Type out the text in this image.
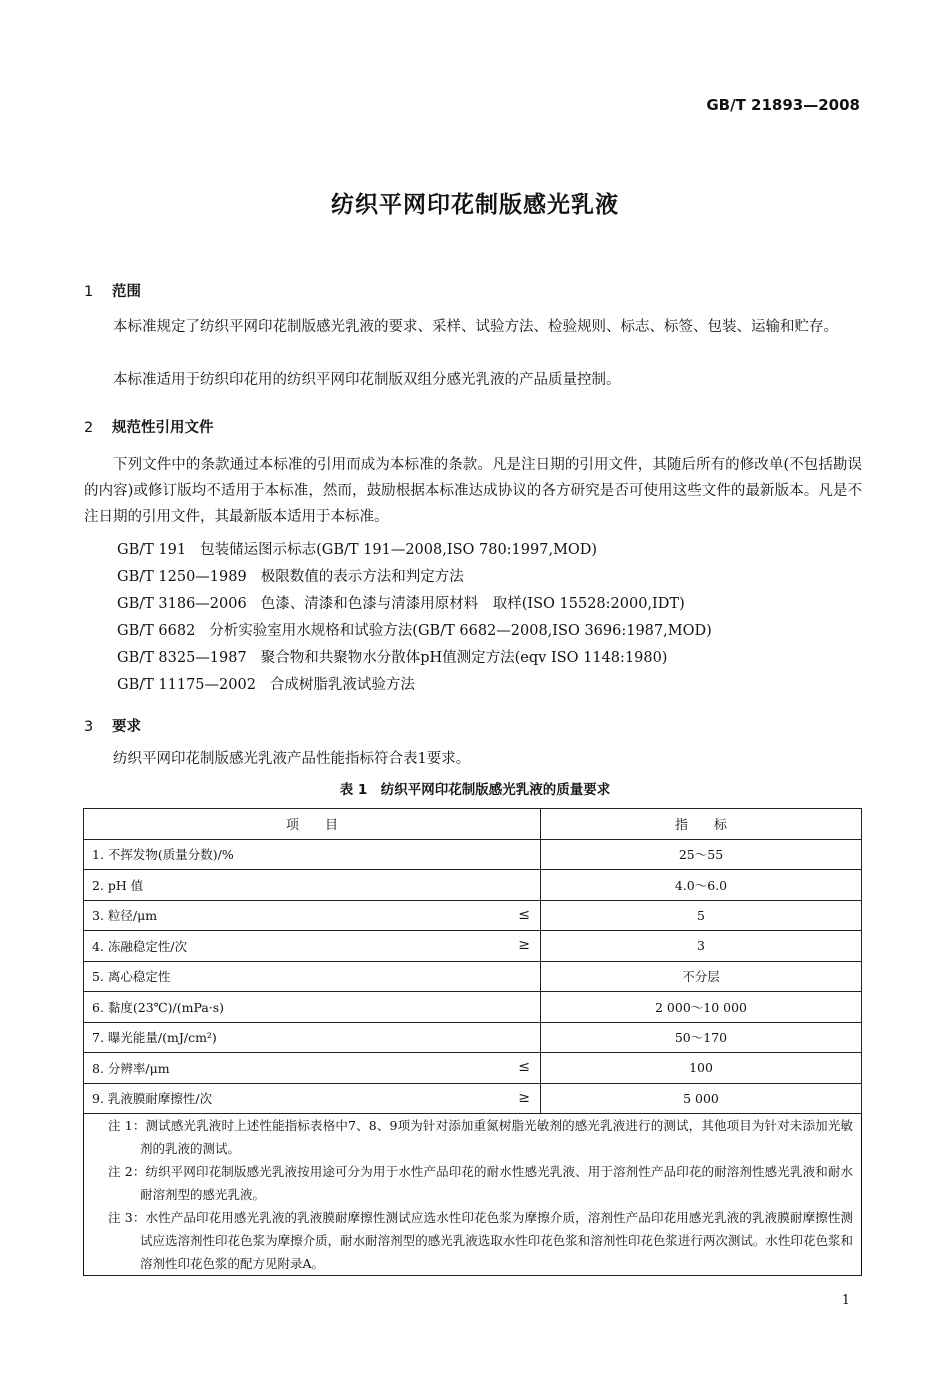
GB/T 21893—2008
纺织平网印花制版感光乳液
1 范围
本标准规定了纺织平网印花制版感光乳液的要求、采样、试验方法、检验规则、标志、标签、包装、运输和贮存。
本标准适用于纺织印花用的纺织平网印花制版双组分感光乳液的产品质量控制。
2 规范性引用文件
下列文件中的条款通过本标准的引用而成为本标准的条款。凡是注日期的引用文件，其随后所有的修改单(不包括勘误的内容)或修订版均不适用于本标准，然而，鼓励根据本标准达成协议的各方研究是否可使用这些文件的最新版本。凡是不注日期的引用文件，其最新版本适用于本标准。
GB/T 191 包装储运图示标志(GB/T 191—2008,ISO 780:1997,MOD)
GB/T 1250—1989 极限数值的表示方法和判定方法
GB/T 3186—2006 色漆、清漆和色漆与清漆用原材料　取样(ISO 15528:2000,IDT)
GB/T 6682 分析实验室用水规格和试验方法(GB/T 6682—2008,ISO 3696:1987,MOD)
GB/T 8325—1987 聚合物和共聚物水分散体pH值测定方法(eqv ISO 1148:1980)
GB/T 11175—2002 合成树脂乳液试验方法
3 要求
纺织平网印花制版感光乳液产品性能指标符合表1要求。
表 1　纺织平网印花制版感光乳液的质量要求
项　　目	指　　标
1. 不挥发物(质量分数)/%	25～55
2. pH 值	4.0～6.0
3. 粒径/μm ≤	5
4. 冻融稳定性/次 ≥	3
5. 离心稳定性	不分层
6. 黏度(23℃)/(mPa·s)	2 000～10 000
7. 曝光能量/(mJ/cm²)	50～170
8. 分辨率/μm ≤	100
9. 乳液膜耐摩擦性/次 ≥	5 000

注 1：测试感光乳液时上述性能指标表格中7、8、9项为针对添加重氮树脂光敏剂的感光乳液进行的测试，其他项目为针对未添加光敏剂的乳液的测试。

注 2：纺织平网印花制版感光乳液按用途可分为用于水性产品印花的耐水性感光乳液、用于溶剂性产品印花的耐溶剂性感光乳液和耐水耐溶剂型的感光乳液。

注 3：水性产品印花用感光乳液的乳液膜耐摩擦性测试应选水性印花色浆为摩擦介质，溶剂性产品印花用感光乳液的乳液膜耐摩擦性测试应选溶剂性印花色浆为摩擦介质，耐水耐溶剂型的感光乳液选取水性印花色浆和溶剂性印花色浆进行两次测试。水性印花色浆和溶剂性印花色浆的配方见附录A。	

1
